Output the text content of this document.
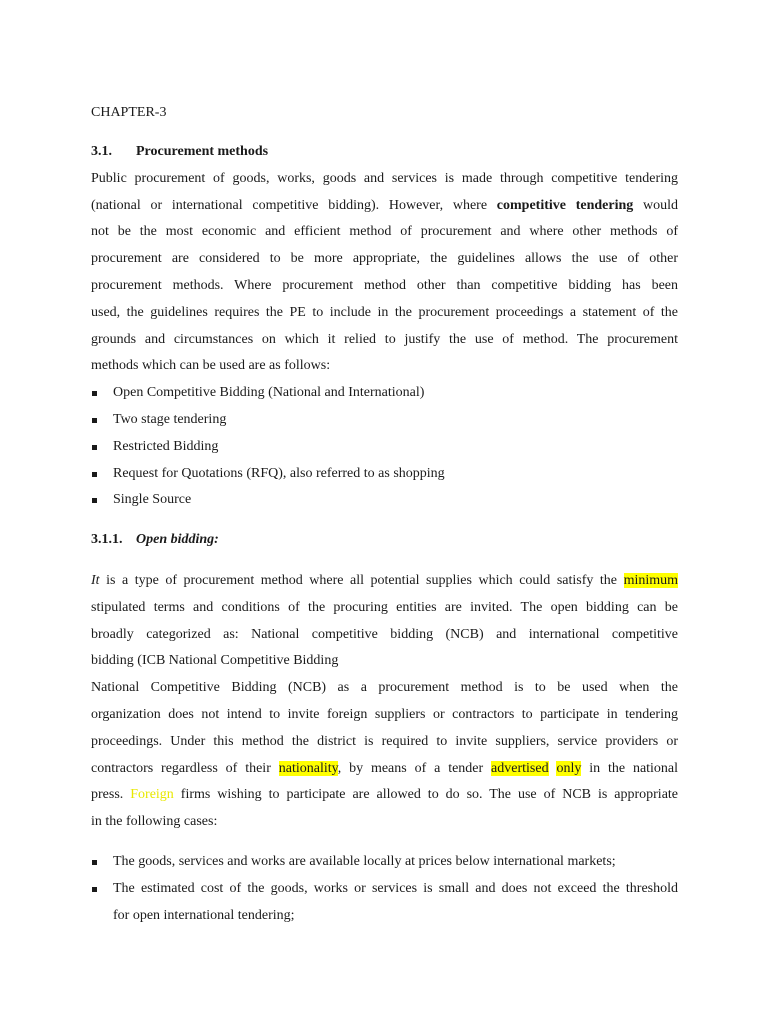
CHAPTER-3
3.1. Procurement methods
Public procurement of goods, works, goods and services is made through competitive tendering
(national or international competitive bidding). However, where competitive tendering would
not be the most economic and efficient method of procurement and where other methods of
procurement are considered to be more appropriate, the guidelines allows the use of other
procurement methods. Where procurement method other than competitive bidding has been
used, the guidelines requires the PE to include in the procurement proceedings a statement of the
grounds and circumstances on which it relied to justify the use of method. The procurement
methods which can be used are as follows:
Open Competitive Bidding (National and International)
Two stage tendering
Restricted Bidding
Request for Quotations (RFQ), also referred to as shopping
Single Source
3.1.1. Open bidding:
It is a type of procurement method where all potential supplies which could satisfy the minimum
stipulated terms and conditions of the procuring entities are invited. The open bidding can be
broadly categorized as: National competitive bidding (NCB) and international competitive
bidding (ICB National Competitive Bidding
National Competitive Bidding (NCB) as a procurement method is to be used when the
organization does not intend to invite foreign suppliers or contractors to participate in tendering
proceedings. Under this method the district is required to invite suppliers, service providers or
contractors regardless of their nationality, by means of a tender advertised only in the national
press. Foreign firms wishing to participate are allowed to do so. The use of NCB is appropriate
in the following cases:
The goods, services and works are available locally at prices below international markets;
The estimated cost of the goods, works or services is small and does not exceed the threshold
for open international tendering;
